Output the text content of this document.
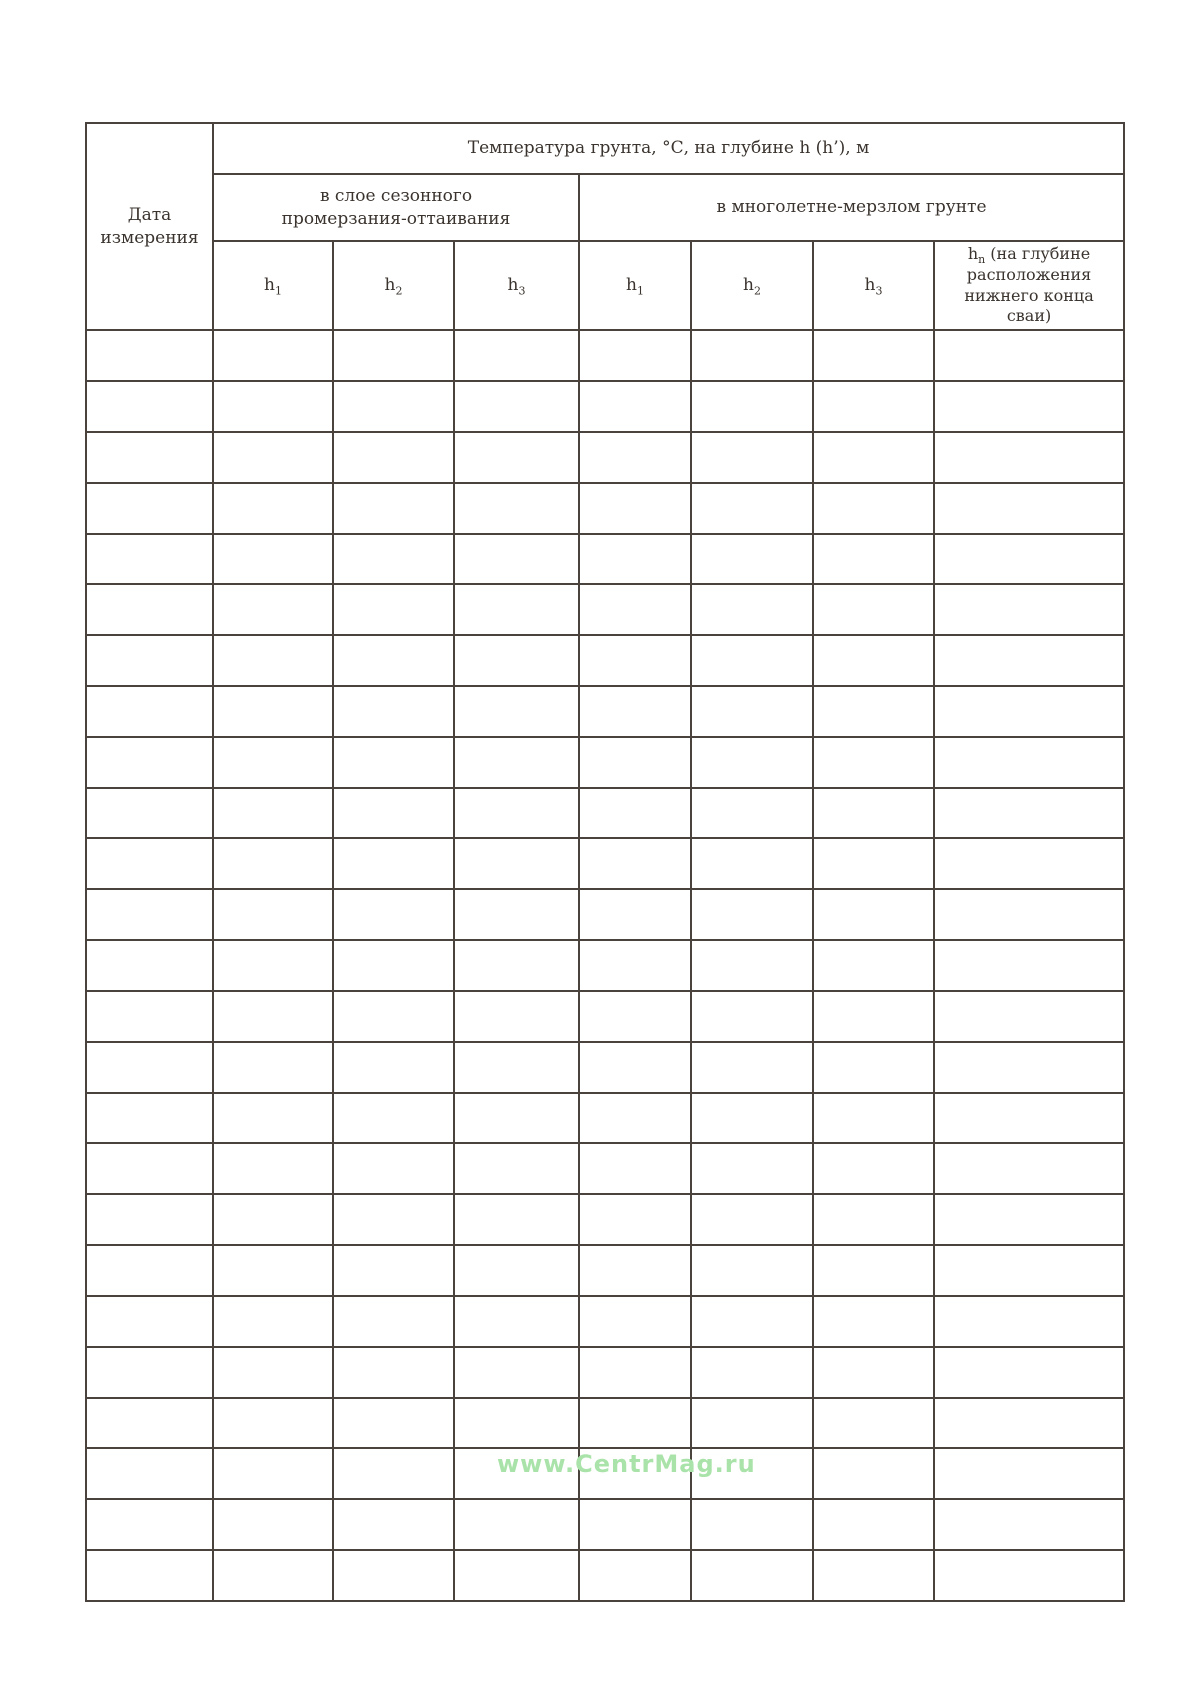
www.CentrMag.ru
Дата измерения	Температура грунта, °С, на глубине h (h’), м						

	в слое сезонного промерзания-оттаивания			в многолетне-мерзлом грунте			
	$h_1$	$h_2$	$h_3$	$h_1$	$h_2$	$h_3$	$h_n$ (на глубине расположения нижнего конца сваи)
